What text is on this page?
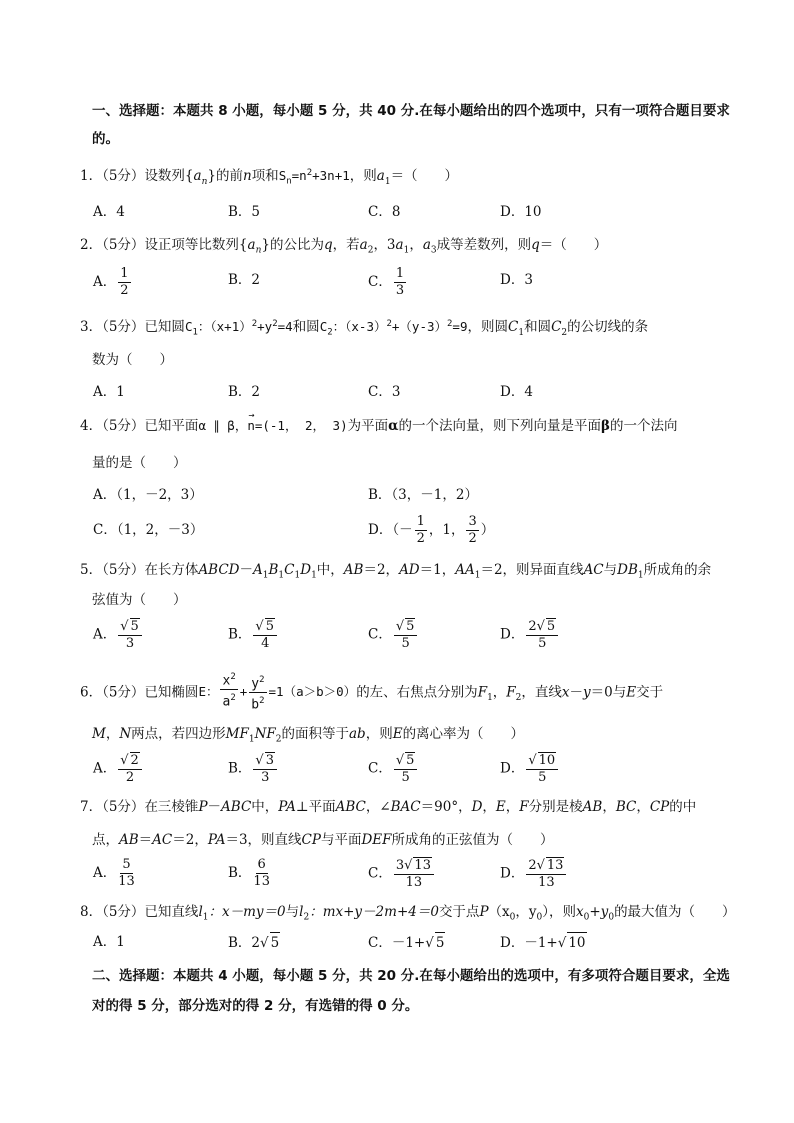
一、选择题：本题共 8 小题，每小题 5 分，共 40 分.在每小题给出的四个选项中，只有一项符合题目要求
的。
1．（5分）设数列$\{a_n\}$的前n项和$S_n=n^2+3n+1$，则$a_1=$（　　）
A．4	B．5	C．8	D．10
2．（5分）设正项等比数列$\{a_n\}$的公比为q，若$a_2$，$3a_1$，$a_3$成等差数列，则q＝（　　）
A． $\frac{1}{2}$	B．2	C． $\frac{1}{3}$	D．3
3．（5分）已知圆$C_1$：$(x+1)^2+y^2=4$和圆$C_2$：$(x-3)^2+(y-3)^2=9$，则圆$C_1$和圆$C_2$的公切线的条
数为（　　）
A．1	B．2	C．3	D．4
4．（5分）已知平面α ∥ β，
→
n=(-1， 2， 3)为平面α的一个法向量，则下列向量是平面β的一个法向
量的是（　　）
A．（1，－2，3）	B．（3，－1，2）
C．（1，2，－3）	D．（－ $\frac{1}{2}$ ，1， $\frac{3}{2}$ ）
5．（5分）在长方体$ABCD-A_1B_1C_1D_1$中，AB＝2，AD＝1，$AA_1=2$，则异面直线AC与$DB_1$所成角的余
弦值为（　　）
A． $\frac{√ 5}{3}$	B． $\frac{√ 5}{4}$	C． $\frac{√ 5}{5}$	D． $\frac{2√ 5}{5}$
6．（5分）已知椭圆E： $\frac{x^2}{a^2} + \frac{y^2}{b^2} =1(a>b>0)$的左、右焦点分别为$F_1$，$F_2$，直线x－y＝0与E交于
M，N两点，若四边形$MF_1NF_2$的面积等于ab，则E的离心率为（　　）
A． $\frac{√ 2}{2}$	B． $\frac{√ 3}{3}$	C． $\frac{√ 5}{5}$	D． $\frac{√ 10}{5}$
7．（5分）在三棱锥P－ABC中，PA⊥平面ABC，∠BAC＝90°，D，E，F分别是棱AB，BC，CP的中
点，AB＝AC＝2，PA＝3，则直线CP与平面DEF所成角的正弦值为（　　）
A． $\frac{5}{13}$	B． $\frac{6}{13}$	C． $\frac{3√ 13}{13}$	D． $\frac{2√ 13}{13}$
8．（5分）已知直线$l_1$：x－my＝0与$l_2$：mx+y－2m+4＝0交于点$P(x_0$，$y_0$），则$x_0+y_0$的最大值为（　　）
A．1	B．2√ 5	C．－1+√ 5	D．－1+√ 10
二、选择题：本题共 4 小题，每小题 5 分，共 20 分.在每小题给出的选项中，有多项符合题目要求，全选
对的得 5 分，部分选对的得 2 分，有选错的得 0 分。
